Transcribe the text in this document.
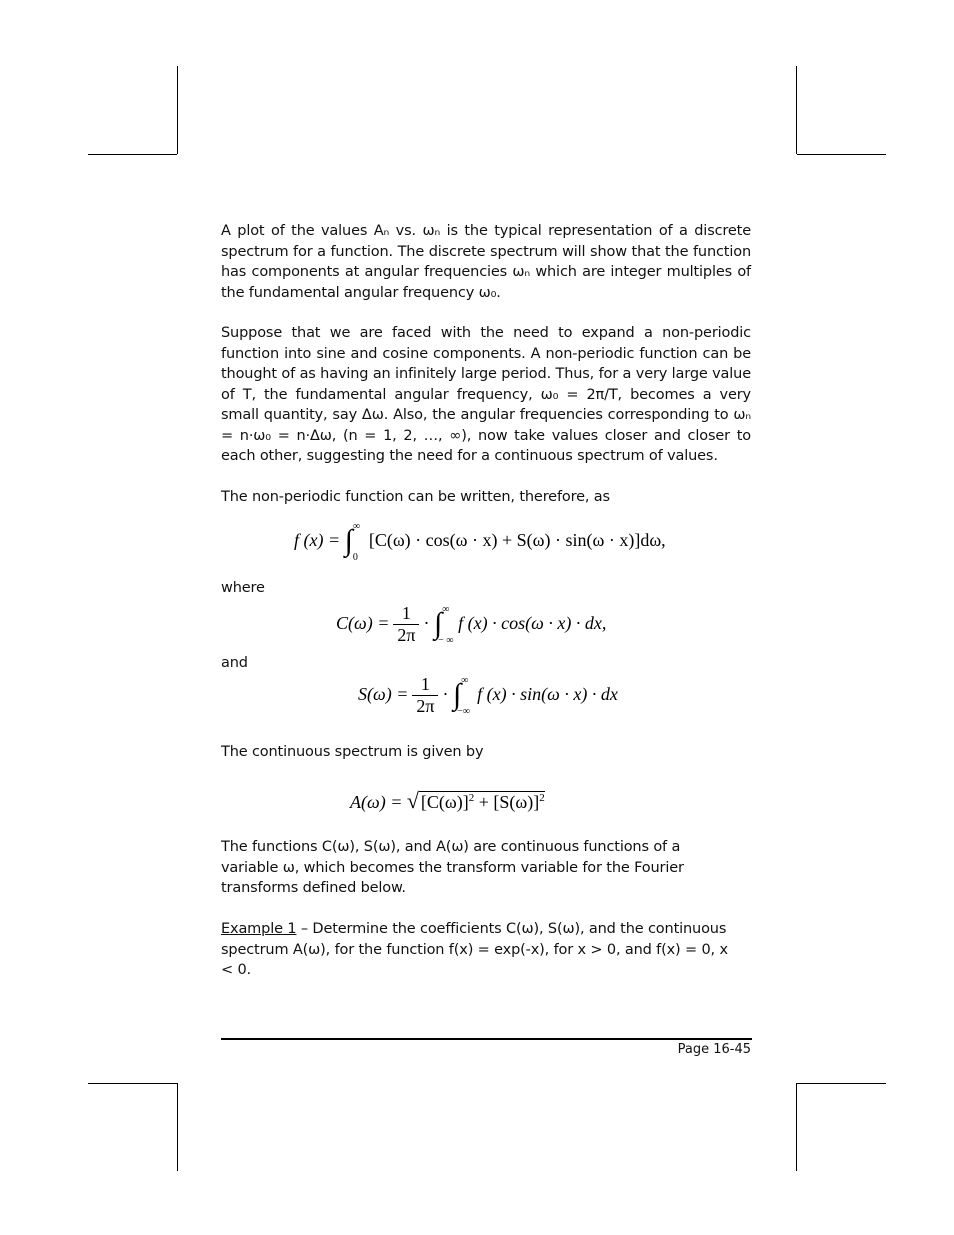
A plot of the values Aₙ vs. ωₙ is the typical representation of a discrete spectrum for a function. The discrete spectrum will show that the function has components at angular frequencies ωₙ which are integer multiples of the fundamental angular frequency ω₀.
Suppose that we are faced with the need to expand a non-periodic function into sine and cosine components. A non-periodic function can be thought of as having an infinitely large period. Thus, for a very large value of T, the fundamental angular frequency, ω₀ = 2π/T, becomes a very small quantity, say Δω. Also, the angular frequencies corresponding to ωₙ = n·ω₀ = n·Δω, (n = 1, 2, …, ∞), now take values closer and closer to each other, suggesting the need for a continuous spectrum of values.
The non-periodic function can be written, therefore, as
f (x) = ∫ ∞
0
[C(ω) · cos(ω · x) + S(ω) · sin(ω · x)]dω,
where
$C(\omega) = \frac{1}{2\pi}$ · ∫ ∞
− ∞
f (x) · cos(ω · x) · dx,
and
$S(\omega) = \frac{1}{2\pi}$ · ∫ ∞
−∞
f (x) · sin(ω · x) · dx
The continuous spectrum is given by
A(ω) = √ $[C(\omega)]^2 + [S(\omega)]^2$
The functions C(ω), S(ω), and A(ω) are continuous functions of a variable ω, which becomes the transform variable for the Fourier transforms defined below.
Example 1 – Determine the coefficients C(ω), S(ω), and the continuous spectrum A(ω), for the function f(x) = exp(-x), for x > 0, and f(x) = 0, x < 0.
Page 16-45
